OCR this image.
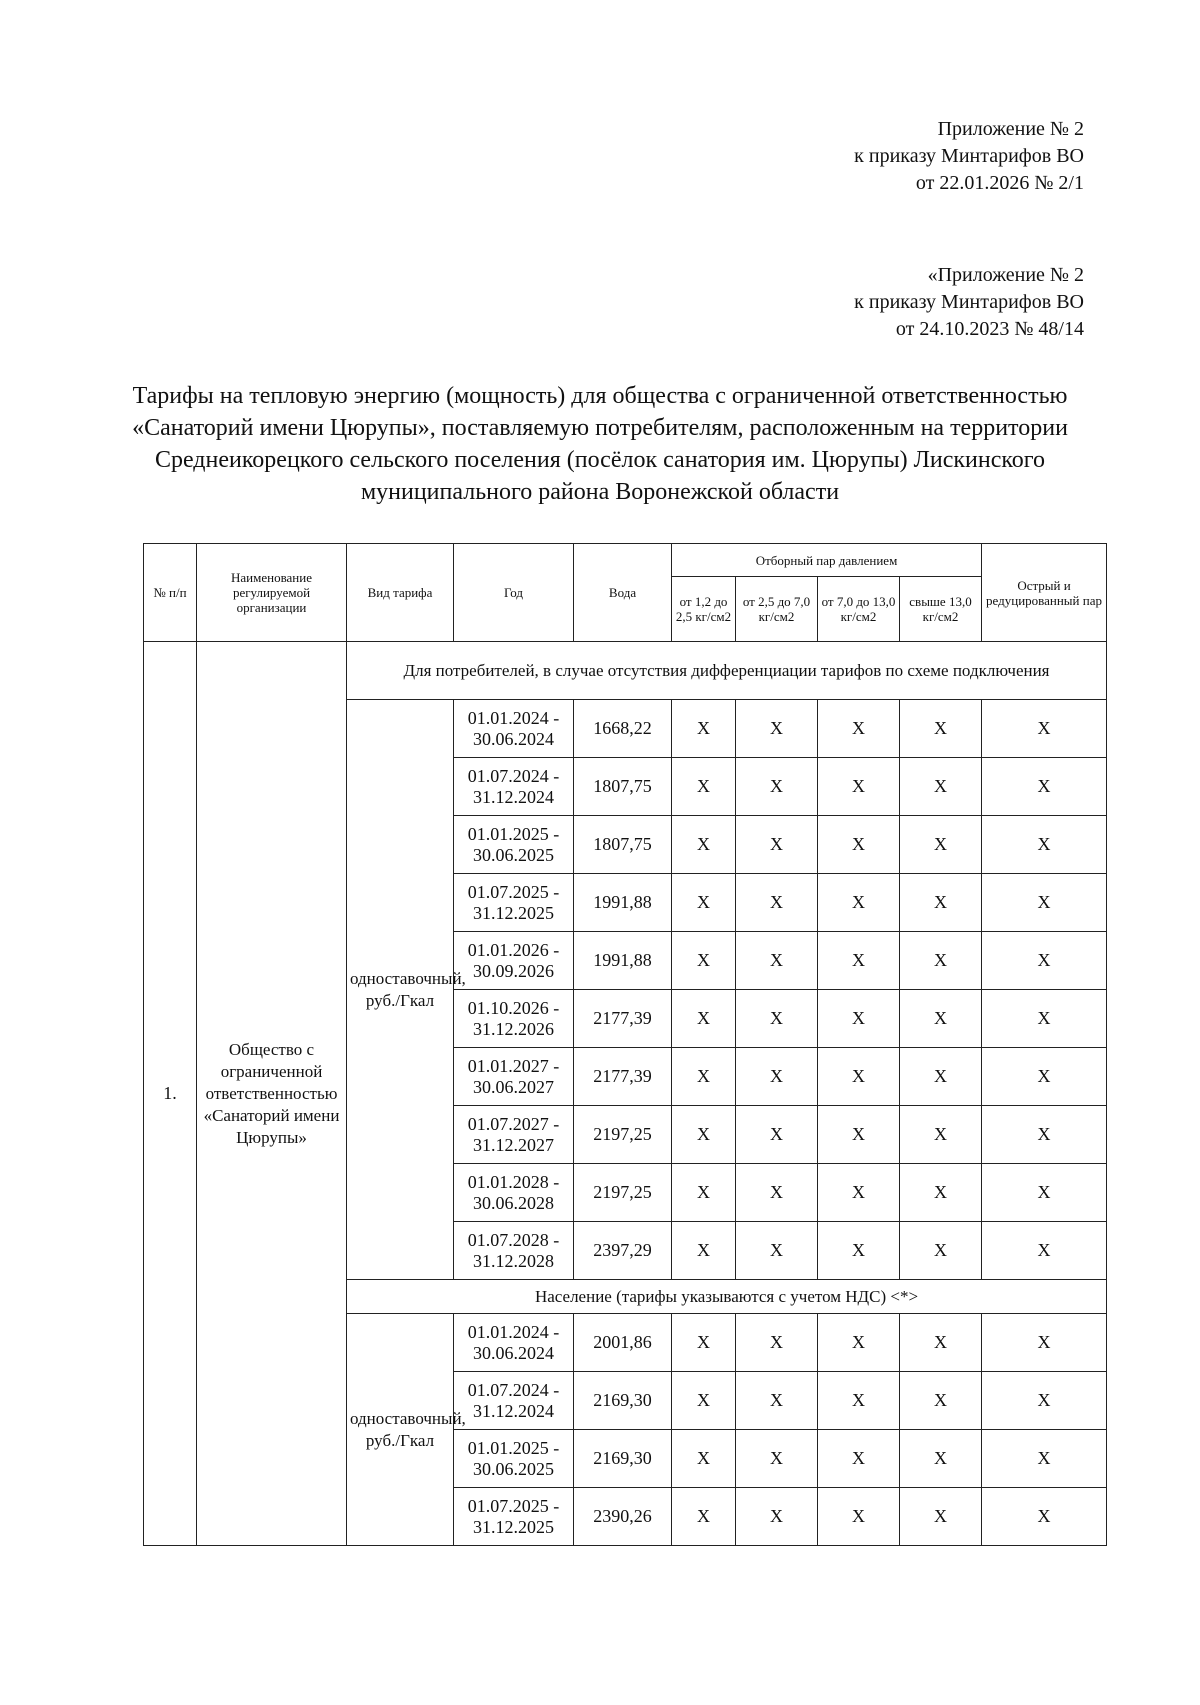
Приложение № 2
к приказу Минтарифов ВО
от 22.01.2026 № 2/1
«Приложение № 2
к приказу Минтарифов ВО
от 24.10.2023 № 48/14
Тарифы на тепловую энергию (мощность) для общества с ограниченной ответственностью «Санаторий имени Цюрупы», поставляемую потребителям, расположенным на территории Среднеикорецкого сельского поселения (посёлок санатория им. Цюрупы) Лискинского муниципального района Воронежской области
№ п/п	Наименование регулируемой организации	Вид тарифа	Год	Вода	Отборный пар давлением				Острый и редуцированный пар
					от 1,2 до 2,5 кг/см2	от 2,5 до 7,0 кг/см2	от 7,0 до 13,0 кг/см2	свыше 13,0 кг/см2	
1.	Общество с ограниченной ответственностью «Санаторий имени Цюрупы»	Для потребителей, в случае отсутствия дифференциации тарифов по схеме подключения							
		одноставочный, руб./Гкал	01.01.2024 - 30.06.2024	1668,22	X	X	X	X	X
			01.07.2024 - 31.12.2024	1807,75	X	X	X	X	X
			01.01.2025 - 30.06.2025	1807,75	X	X	X	X	X
			01.07.2025 - 31.12.2025	1991,88	X	X	X	X	X
			01.01.2026 - 30.09.2026	1991,88	X	X	X	X	X
			01.10.2026 - 31.12.2026	2177,39	X	X	X	X	X
			01.01.2027 - 30.06.2027	2177,39	X	X	X	X	X
			01.07.2027 - 31.12.2027	2197,25	X	X	X	X	X
			01.01.2028 - 30.06.2028	2197,25	X	X	X	X	X
			01.07.2028 - 31.12.2028	2397,29	X	X	X	X	X
		Население (тарифы указываются с учетом НДС) <*>							
		одноставочный, руб./Гкал	01.01.2024 - 30.06.2024	2001,86	X	X	X	X	X
			01.07.2024 - 31.12.2024	2169,30	X	X	X	X	X
			01.01.2025 - 30.06.2025	2169,30	X	X	X	X	X
			01.07.2025 - 31.12.2025	2390,26	X	X	X	X	X
